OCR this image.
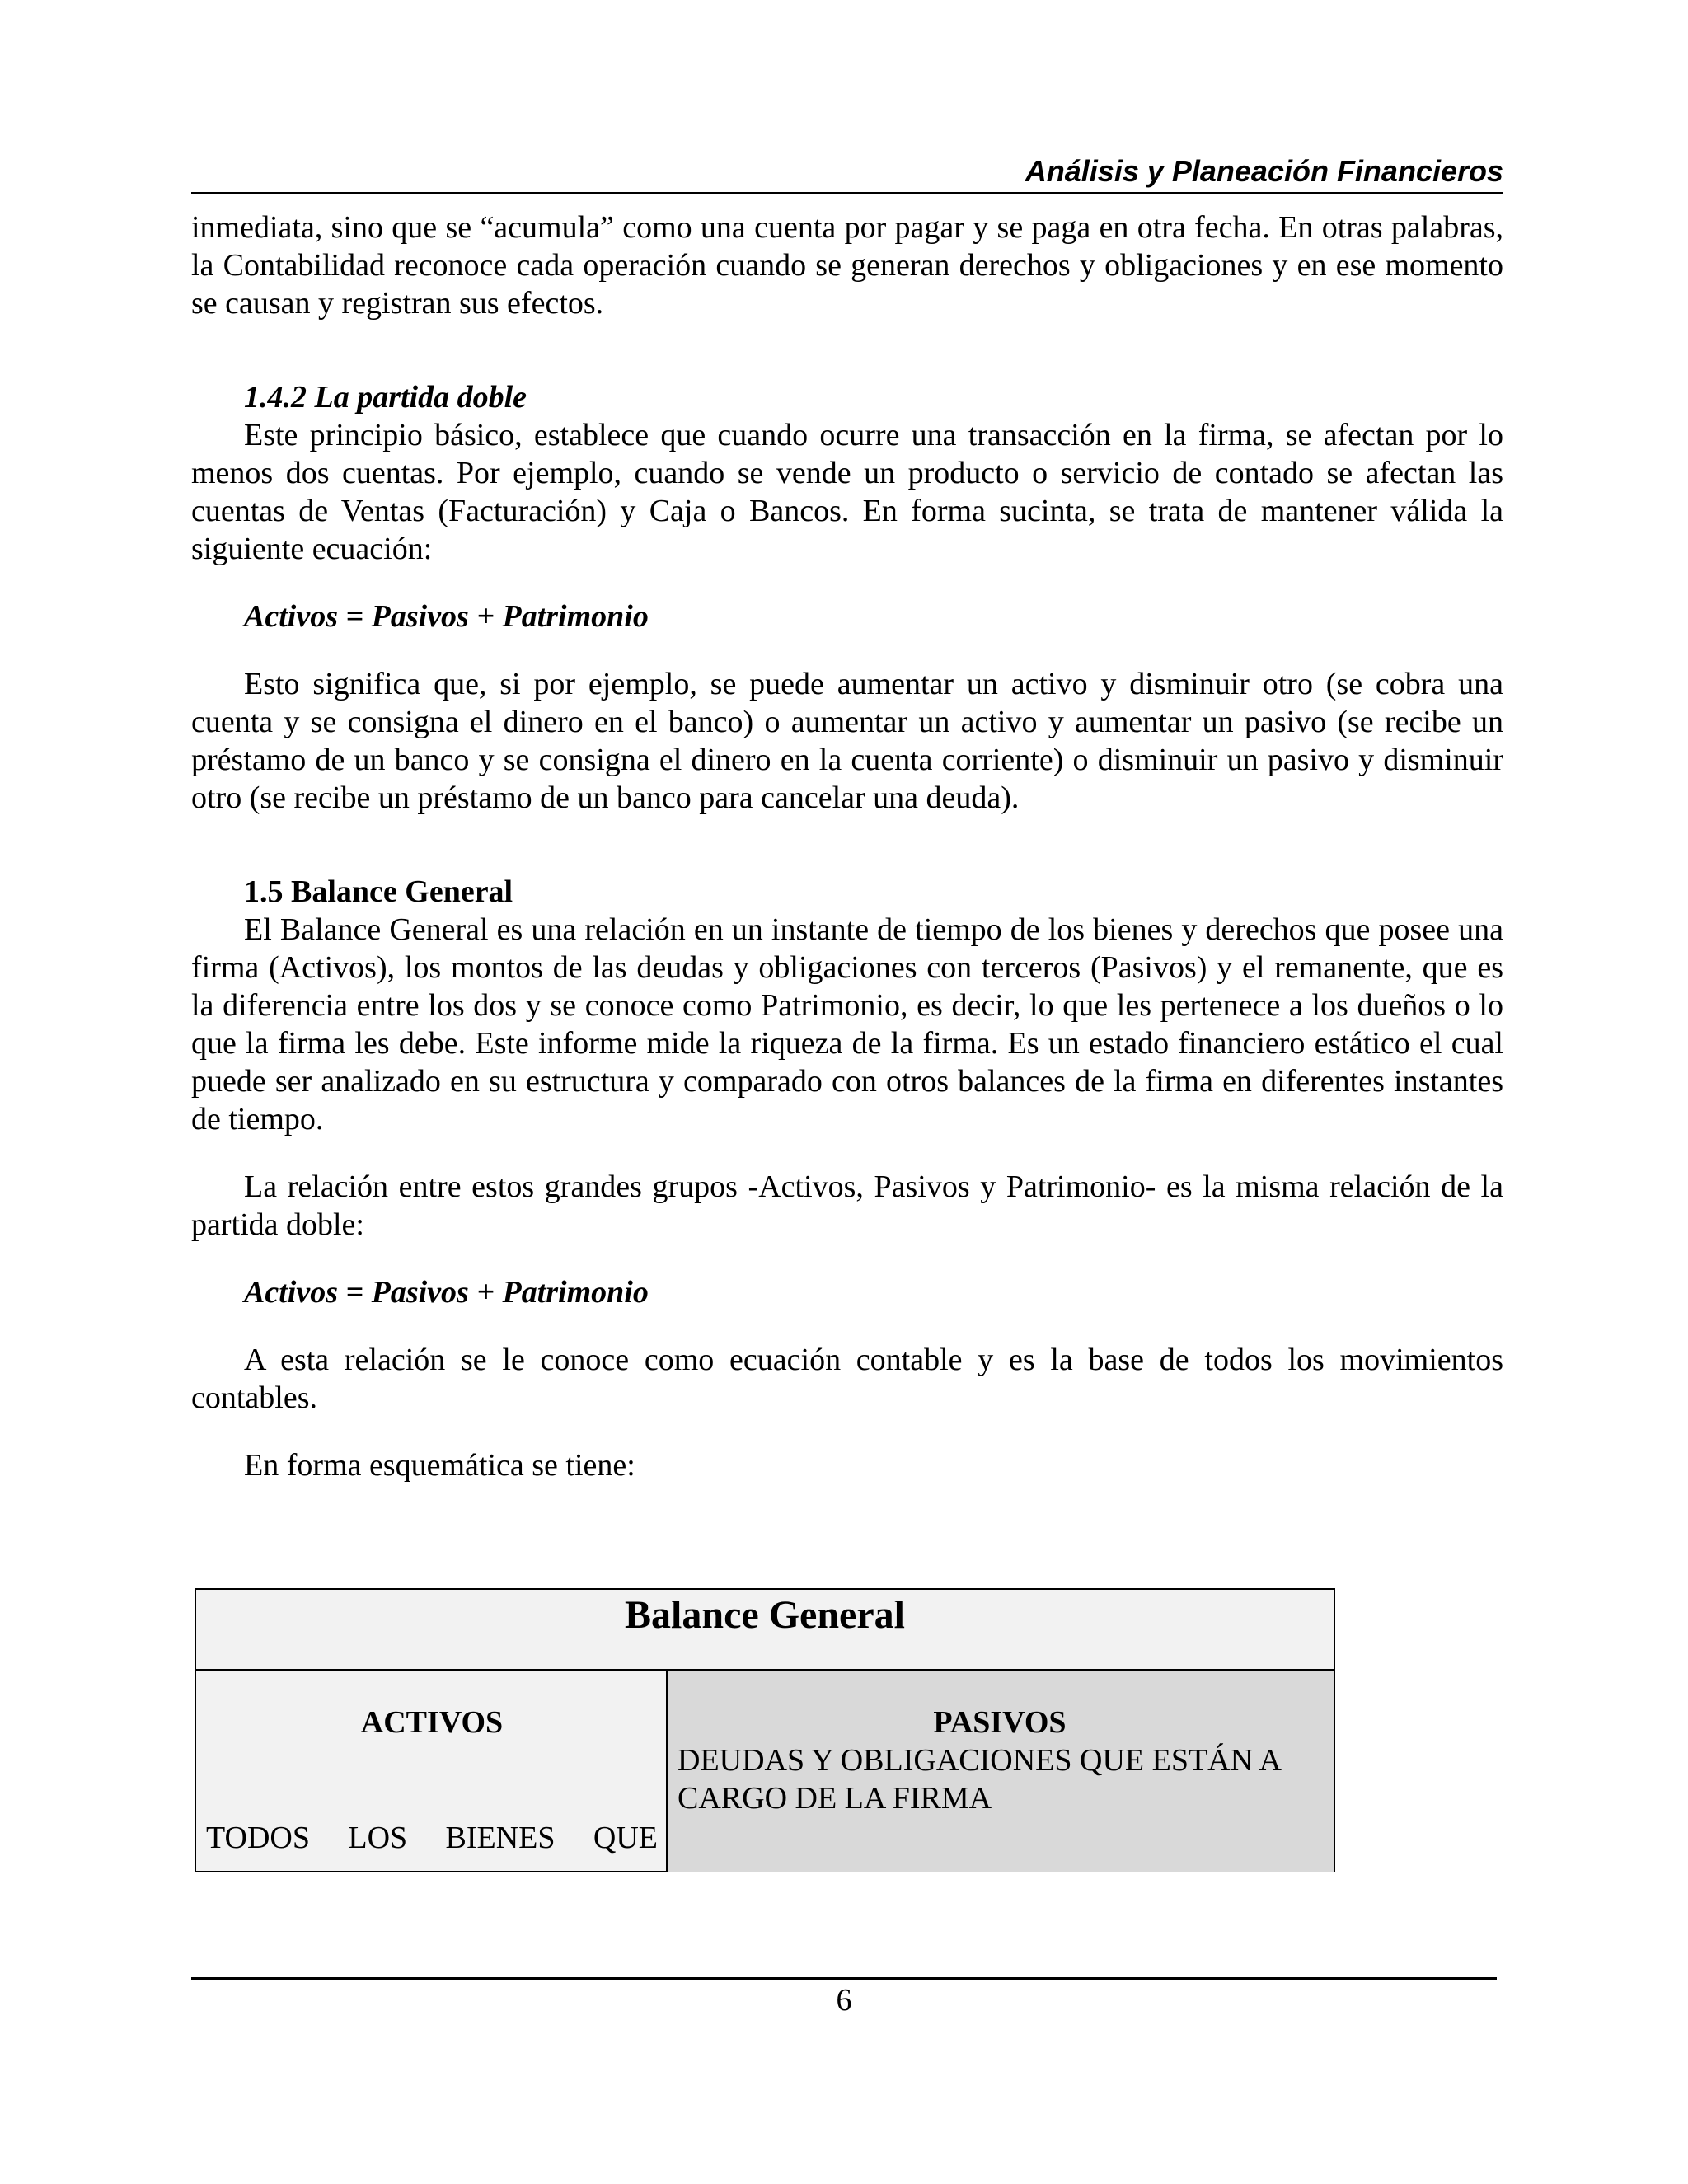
Análisis y Planeación Financieros

inmediata, sino que se “acumula” como una cuenta por pagar y se paga en otra fecha. En otras palabras, la Contabilidad reconoce cada operación cuando se generan derechos y obligaciones y en ese momento se causan y registran sus efectos.

1.4.2 La partida doble

Este principio básico, establece que cuando ocurre una transacción en la firma, se afectan por lo menos dos cuentas. Por ejemplo, cuando se vende un producto o servicio de contado se afectan las cuentas de Ventas (Facturación) y Caja o Bancos. En forma sucinta, se trata de mantener válida la siguiente ecuación:

Activos = Pasivos + Patrimonio

Esto significa que, si por ejemplo, se puede aumentar un activo y disminuir otro (se cobra una cuenta y se consigna el dinero en el banco) o aumentar un activo y aumentar un pasivo (se recibe un préstamo de un banco y se consigna el dinero en la cuenta corriente) o disminuir un pasivo y disminuir otro (se recibe un préstamo de un banco para cancelar una deuda).

1.5 Balance General

El Balance General es una relación en un instante de tiempo de los bienes y derechos que posee una firma (Activos), los montos de las deudas y obligaciones con terceros (Pasivos) y el remanente, que es la diferencia entre los dos y se conoce como Patrimonio, es decir, lo que les pertenece a los dueños o lo que la firma les debe. Este informe mide la riqueza de la firma. Es un estado financiero estático el cual puede ser analizado en su estructura y comparado con otros balances de la firma en diferentes instantes de tiempo.

La relación entre estos grandes grupos -Activos, Pasivos y Patrimonio- es la misma relación de la partida doble:

Activos = Pasivos + Patrimonio

A esta relación se le conoce como ecuación contable y es la base de todos los movimientos contables.

En forma esquemática se tiene:

Balance General
ACTIVOS
TODOS LOS BIENES QUE
PASIVOS
DEUDAS Y OBLIGACIONES QUE ESTÁN A CARGO DE LA FIRMA
6
